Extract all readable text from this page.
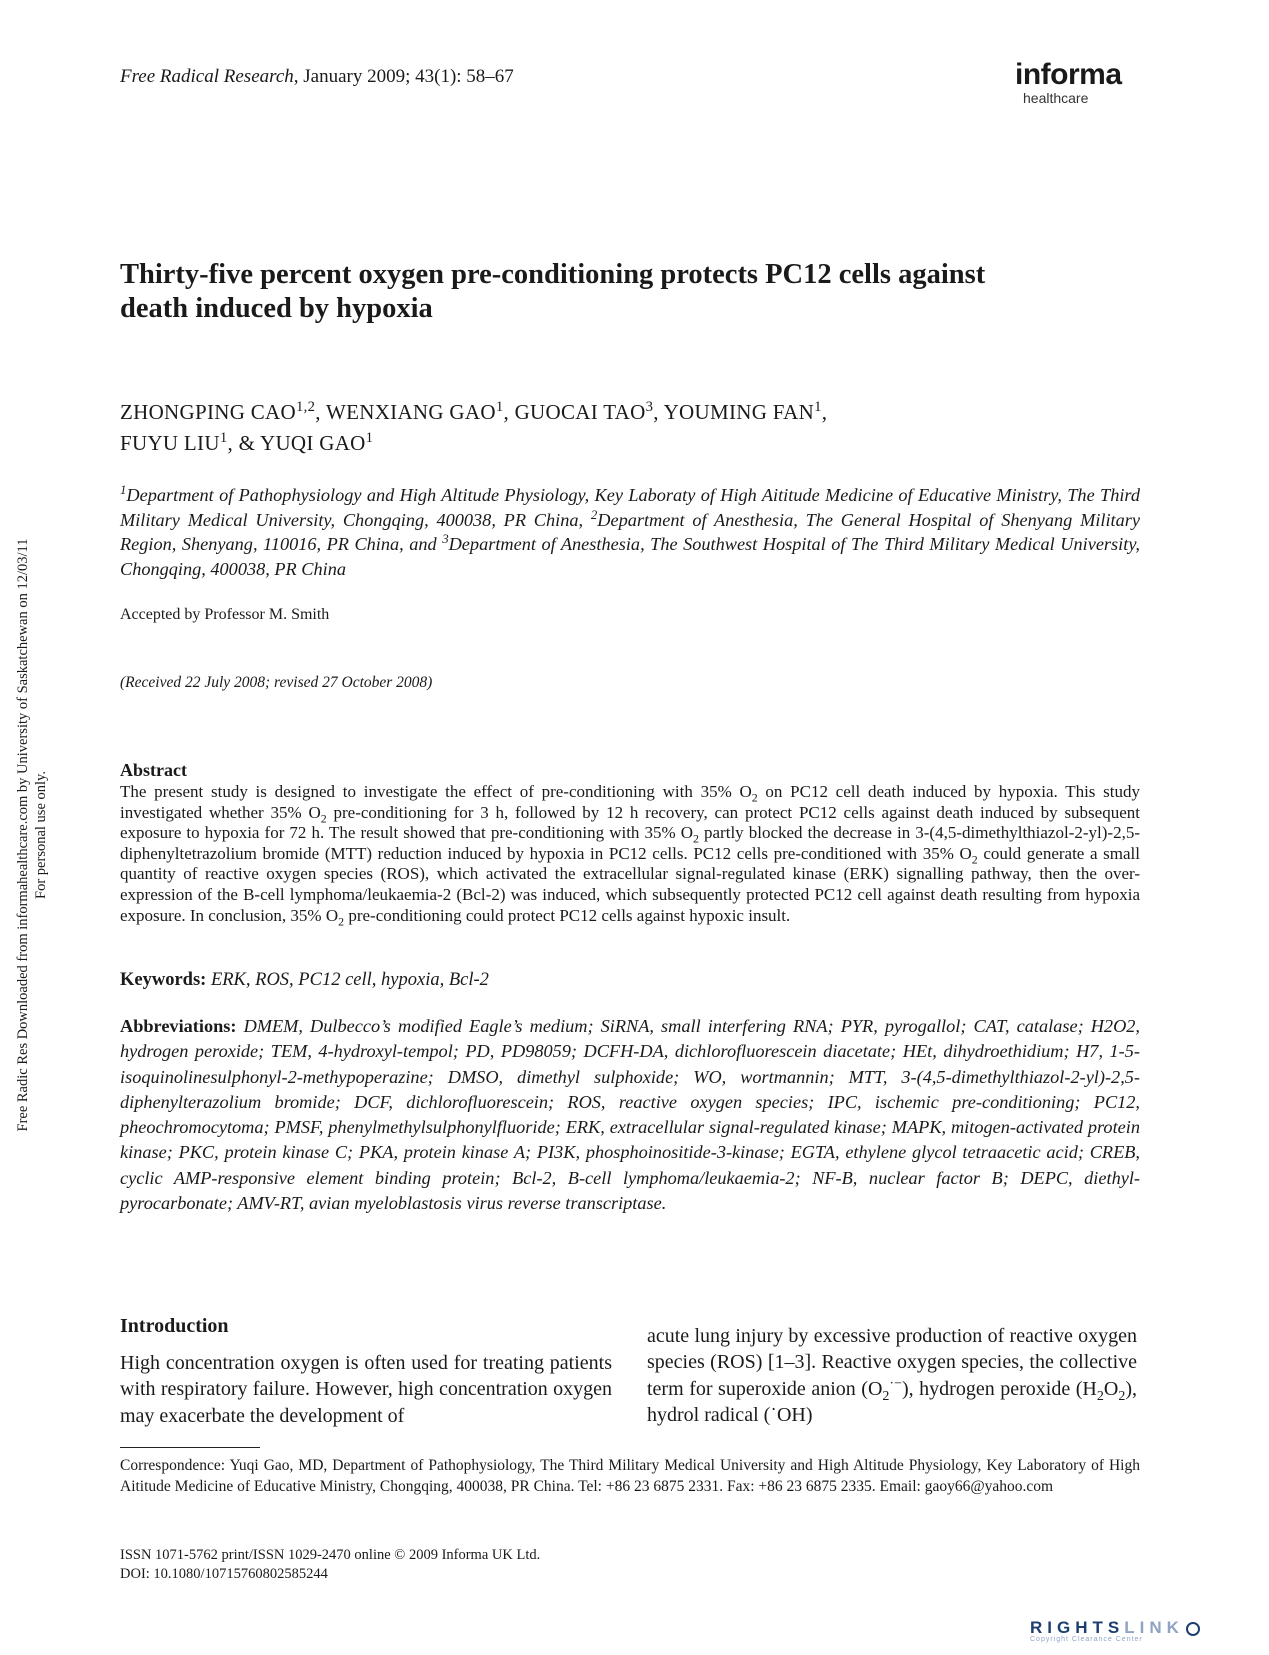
Free Radic Res Downloaded from informahealthcare.com by University of Saskatchewan on 12/03/11 For personal use only.
Free Radical Research, January 2009; 43(1): 58–67	informa
healthcare
Thirty-five percent oxygen pre-conditioning protects PC12 cells against
death induced by hypoxia
ZHONGPING CAO$^{1,2}$, WENXIANG GAO$^1$, GUOCAI TAO$^3$, YOUMING FAN$^1$,
FUYU LIU$^1$, & YUQI GAO$^1$
$^1$Department of Pathophysiology and High Altitude Physiology, Key Laboraty of High Aititude Medicine of Educative Ministry, The Third Military Medical University, Chongqing, 400038, PR China, $^2$Department of Anesthesia, The General Hospital of Shenyang Military Region, Shenyang, 110016, PR China, and $^3$Department of Anesthesia, The Southwest Hospital of The Third Military Medical University, Chongqing, 400038, PR China
Accepted by Professor M. Smith
(Received 22 July 2008; revised 27 October 2008)
Abstract
The present study is designed to investigate the effect of pre-conditioning with 35% $O_2$ on PC12 cell death induced by hypoxia. This study investigated whether 35% $O_2$ pre-conditioning for 3 h, followed by 12 h recovery, can protect PC12 cells against death induced by subsequent exposure to hypoxia for 72 h. The result showed that pre-conditioning with 35% $O_2$ partly blocked the decrease in 3-(4,5-dimethylthiazol-2-yl)-2,5-diphenyltetrazolium bromide (MTT) reduction induced by hypoxia in PC12 cells. PC12 cells pre-conditioned with 35% $O_2$ could generate a small quantity of reactive oxygen species (ROS), which activated the extracellular signal-regulated kinase (ERK) signalling pathway, then the over-expression of the B-cell lymphoma/leukaemia-2 (Bcl-2) was induced, which subsequently protected PC12 cell against death resulting from hypoxia exposure. In conclusion, 35% $O_2$ pre-conditioning could protect PC12 cells against hypoxic insult.
Keywords: ERK, ROS, PC12 cell, hypoxia, Bcl-2
Abbreviations: DMEM, Dulbecco’s modified Eagle’s medium; SiRNA, small interfering RNA; PYR, pyrogallol; CAT, catalase; H2O2, hydrogen peroxide; TEM, 4-hydroxyl-tempol; PD, PD98059; DCFH-DA, dichlorofluorescein diacetate; HEt, dihydroethidium; H7, 1-5-isoquinolinesulphonyl-2-methypoperazine; DMSO, dimethyl sulphoxide; WO, wortmannin; MTT, 3-(4,5-dimethylthiazol-2-yl)-2,5-diphenylterazolium bromide; DCF, dichlorofluorescein; ROS, reactive oxygen species; IPC, ischemic pre-conditioning; PC12, pheochromocytoma; PMSF, phenylmethylsulphonylfluoride; ERK, extracellular signal-regulated kinase; MAPK, mitogen-activated protein kinase; PKC, protein kinase C; PKA, protein kinase A; PI3K, phosphoinositide-3-kinase; EGTA, ethylene glycol tetraacetic acid; CREB, cyclic AMP-responsive element binding protein; Bcl-2, B-cell lymphoma/leukaemia-2; NF-B, nuclear factor B; DEPC, diethyl-pyrocarbonate; AMV-RT, avian myeloblastosis virus reverse transcriptase.
Introduction
High concentration oxygen is often used for treating patients with respiratory failure. However, high concentration oxygen may exacerbate the development of
acute lung injury by excessive production of reactive oxygen species (ROS) [1–3]. Reactive oxygen species, the collective term for superoxide anion $(O_2^{\cdot-})$, hydrogen peroxide $(H_2O_2)$, hydrol radical (˙OH)
Correspondence: Yuqi Gao, MD, Department of Pathophysiology, The Third Military Medical University and High Altitude Physiology, Key Laboratory of High Aititude Medicine of Educative Ministry, Chongqing, 400038, PR China. Tel: +86 23 6875 2331. Fax: +86 23 6875 2335. Email: gaoy66@yahoo.com
ISSN 1071-5762 print/ISSN 1029-2470 online © 2009 Informa UK Ltd.
DOI: 10.1080/10715760802585244
RIGHTSLINK
Copyright Clearance Center
